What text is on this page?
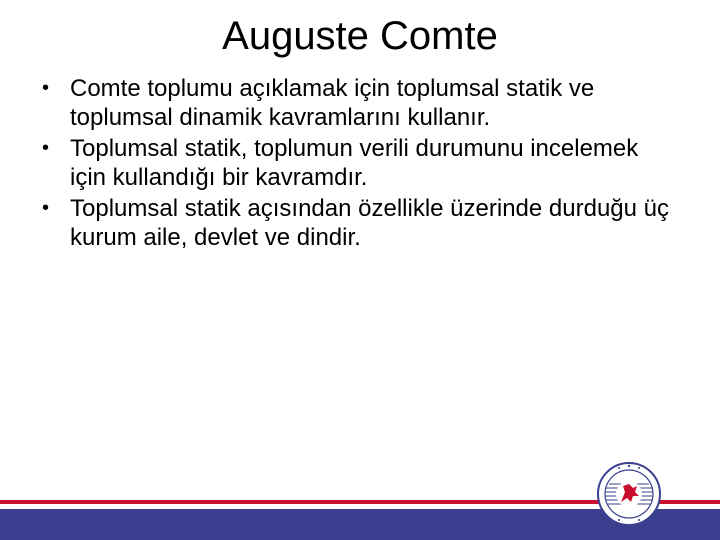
Auguste Comte
• Comte toplumu açıklamak için toplumsal statik ve toplumsal dinamik kavramlarını kullanır.
• Toplumsal statik, toplumun verili durumunu incelemek için kullandığı bir kavramdır.
• Toplumsal statik açısından özellikle üzerinde durduğu üç kurum aile, devlet ve dindir.
